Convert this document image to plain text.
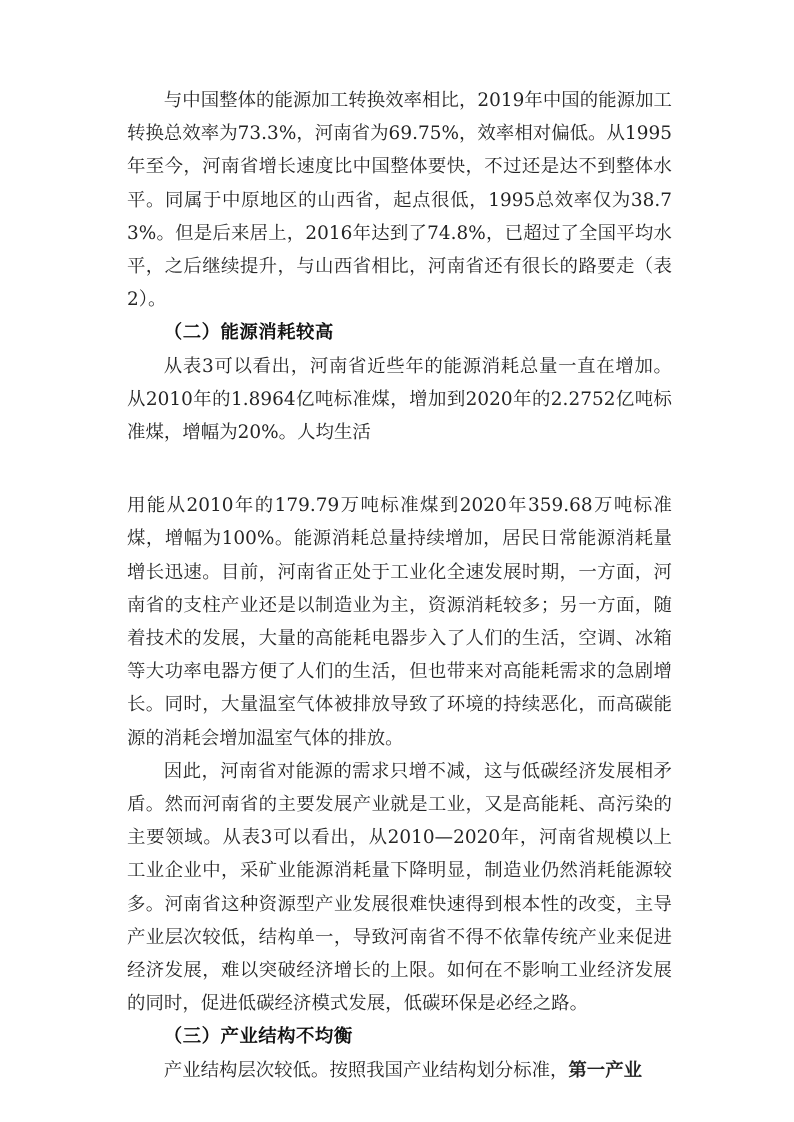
与中国整体的能源加工转换效率相比，2019年中国的能源加工转换总效率为73.3%，河南省为69.75%，效率相对偏低。从1995年至今，河南省增长速度比中国整体要快，不过还是达不到整体水平。同属于中原地区的山西省，起点很低，1995总效率仅为38.73%。但是后来居上，2016年达到了74.8%，已超过了全国平均水平，之后继续提升，与山西省相比，河南省还有很长的路要走（表2）。

（二）能源消耗较高

从表3可以看出，河南省近些年的能源消耗总量一直在增加。从2010年的1.8964亿吨标准煤，增加到2020年的2.2752亿吨标准煤，增幅为20%。人均生活

用能从2010年的179.79万吨标准煤到2020年359.68万吨标准煤，增幅为100%。能源消耗总量持续增加，居民日常能源消耗量增长迅速。目前，河南省正处于工业化全速发展时期，一方面，河南省的支柱产业还是以制造业为主，资源消耗较多；另一方面，随着技术的发展，大量的高能耗电器步入了人们的生活，空调、冰箱等大功率电器方便了人们的生活，但也带来对高能耗需求的急剧增长。同时，大量温室气体被排放导致了环境的持续恶化，而高碳能源的消耗会增加温室气体的排放。

因此，河南省对能源的需求只增不减，这与低碳经济发展相矛盾。然而河南省的主要发展产业就是工业，又是高能耗、高污染的主要领域。从表3可以看出，从2010—2020年，河南省规模以上工业企业中，采矿业能源消耗量下降明显，制造业仍然消耗能源较多。河南省这种资源型产业发展很难快速得到根本性的改变，主导产业层次较低，结构单一，导致河南省不得不依靠传统产业来促进经济发展，难以突破经济增长的上限。如何在不影响工业经济发展的同时，促进低碳经济模式发展，低碳环保是必经之路。

（三）产业结构不均衡

产业结构层次较低。按照我国产业结构划分标准，第一产业
